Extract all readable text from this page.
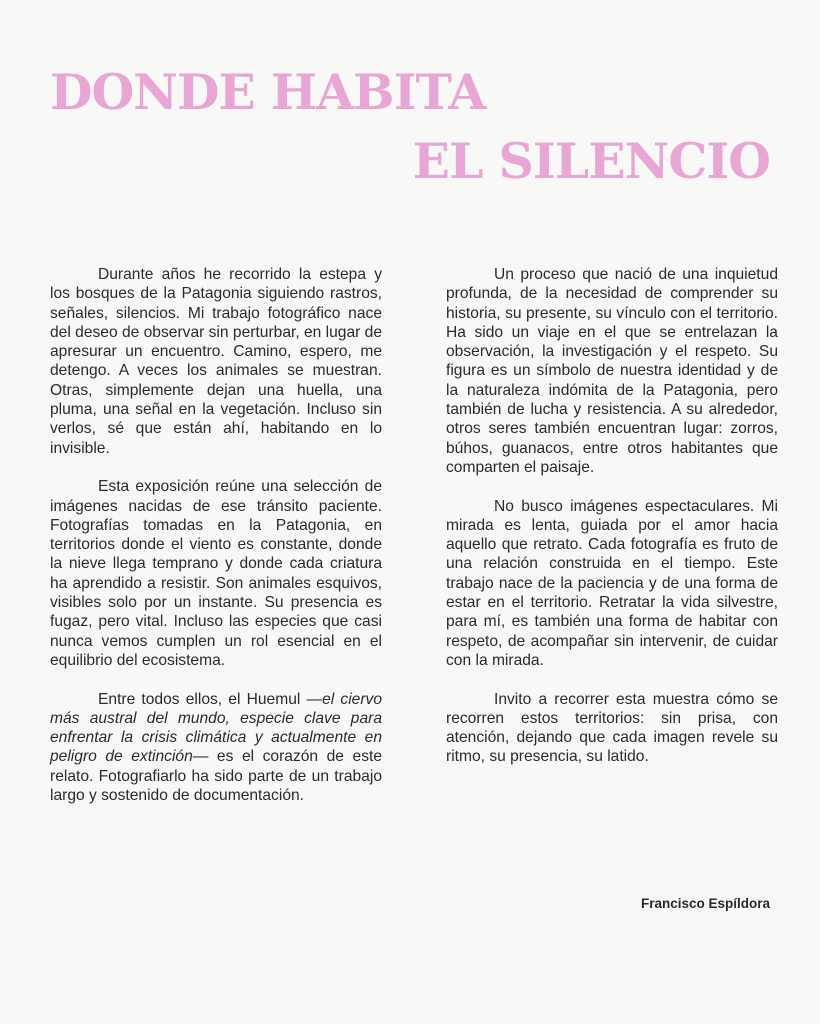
DONDE HABITA
EL SILENCIO

Durante años he recorrido la estepa y los bosques de la Patagonia siguiendo rastros, señales, silencios. Mi trabajo fotográfico nace del deseo de observar sin perturbar, en lugar de apresurar un encuentro. Camino, espero, me detengo. A veces los animales se muestran. Otras, simplemente dejan una huella, una pluma, una señal en la vegetación. Incluso sin verlos, sé que están ahí, habitando en lo invisible.

Esta exposición reúne una selección de imágenes nacidas de ese tránsito paciente. Fotografías tomadas en la Patagonia, en territorios donde el viento es constante, donde la nieve llega temprano y donde cada criatura ha aprendido a resistir. Son animales esquivos, visibles solo por un instante. Su presencia es fugaz, pero vital. Incluso las especies que casi nunca vemos cumplen un rol esencial en el equilibrio del ecosistema.

Entre todos ellos, el Huemul —el ciervo más austral del mundo, especie clave para enfrentar la crisis climática y actualmente en peligro de extinción— es el corazón de este relato. Fotografiarlo ha sido parte de un trabajo largo y sostenido de documentación.

Un proceso que nació de una inquietud profunda, de la necesidad de comprender su historia, su presente, su vínculo con el territorio. Ha sido un viaje en el que se entrelazan la observación, la investigación y el respeto. Su figura es un símbolo de nuestra identidad y de la naturaleza indómita de la Patagonia, pero también de lucha y resistencia. A su alrededor, otros seres también encuentran lugar: zorros, búhos, guanacos, entre otros habitantes que comparten el paisaje.

No busco imágenes espectaculares. Mi mirada es lenta, guiada por el amor hacia aquello que retrato. Cada fotografía es fruto de una relación construida en el tiempo. Este trabajo nace de la paciencia y de una forma de estar en el territorio. Retratar la vida silvestre, para mí, es también una forma de habitar con respeto, de acompañar sin intervenir, de cuidar con la mirada.

Invito a recorrer esta muestra cómo se recorren estos territorios: sin prisa, con atención, dejando que cada imagen revele su ritmo, su presencia, su latido.

Francisco Espíldora
